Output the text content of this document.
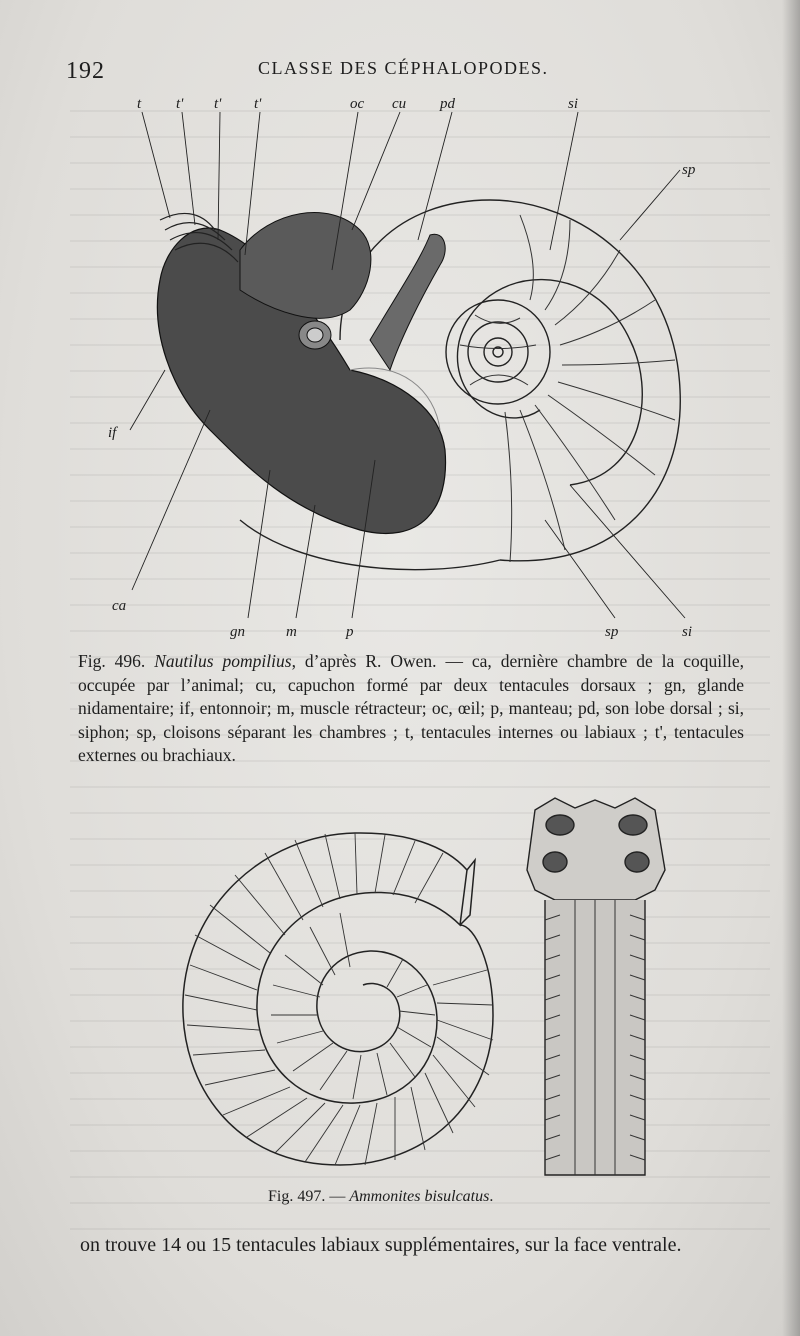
192	CLASSE DES CÉPHALOPODES.
t t' t' t'	oc cu pd	si
sp
if
ca
gn	m	p	sp	si
Fig. 496. Nautilus pompilius, d’après R. Owen. — ca, dernière chambre de la coquille, occupée par l’animal; cu, capuchon formé par deux tentacules dorsaux ; gn, glande nidamentaire; if, entonnoir; m, muscle rétracteur; oc, œil; p, manteau; pd, son lobe dorsal ; si, siphon; sp, cloisons séparant les chambres ; t, tentacules internes ou labiaux ; t', tentacules externes ou brachiaux.
Fig. 497. — Ammonites bisulcatus.
on trouve 14 ou 15 tentacules labiaux supplémentaires, sur la face ventrale.
